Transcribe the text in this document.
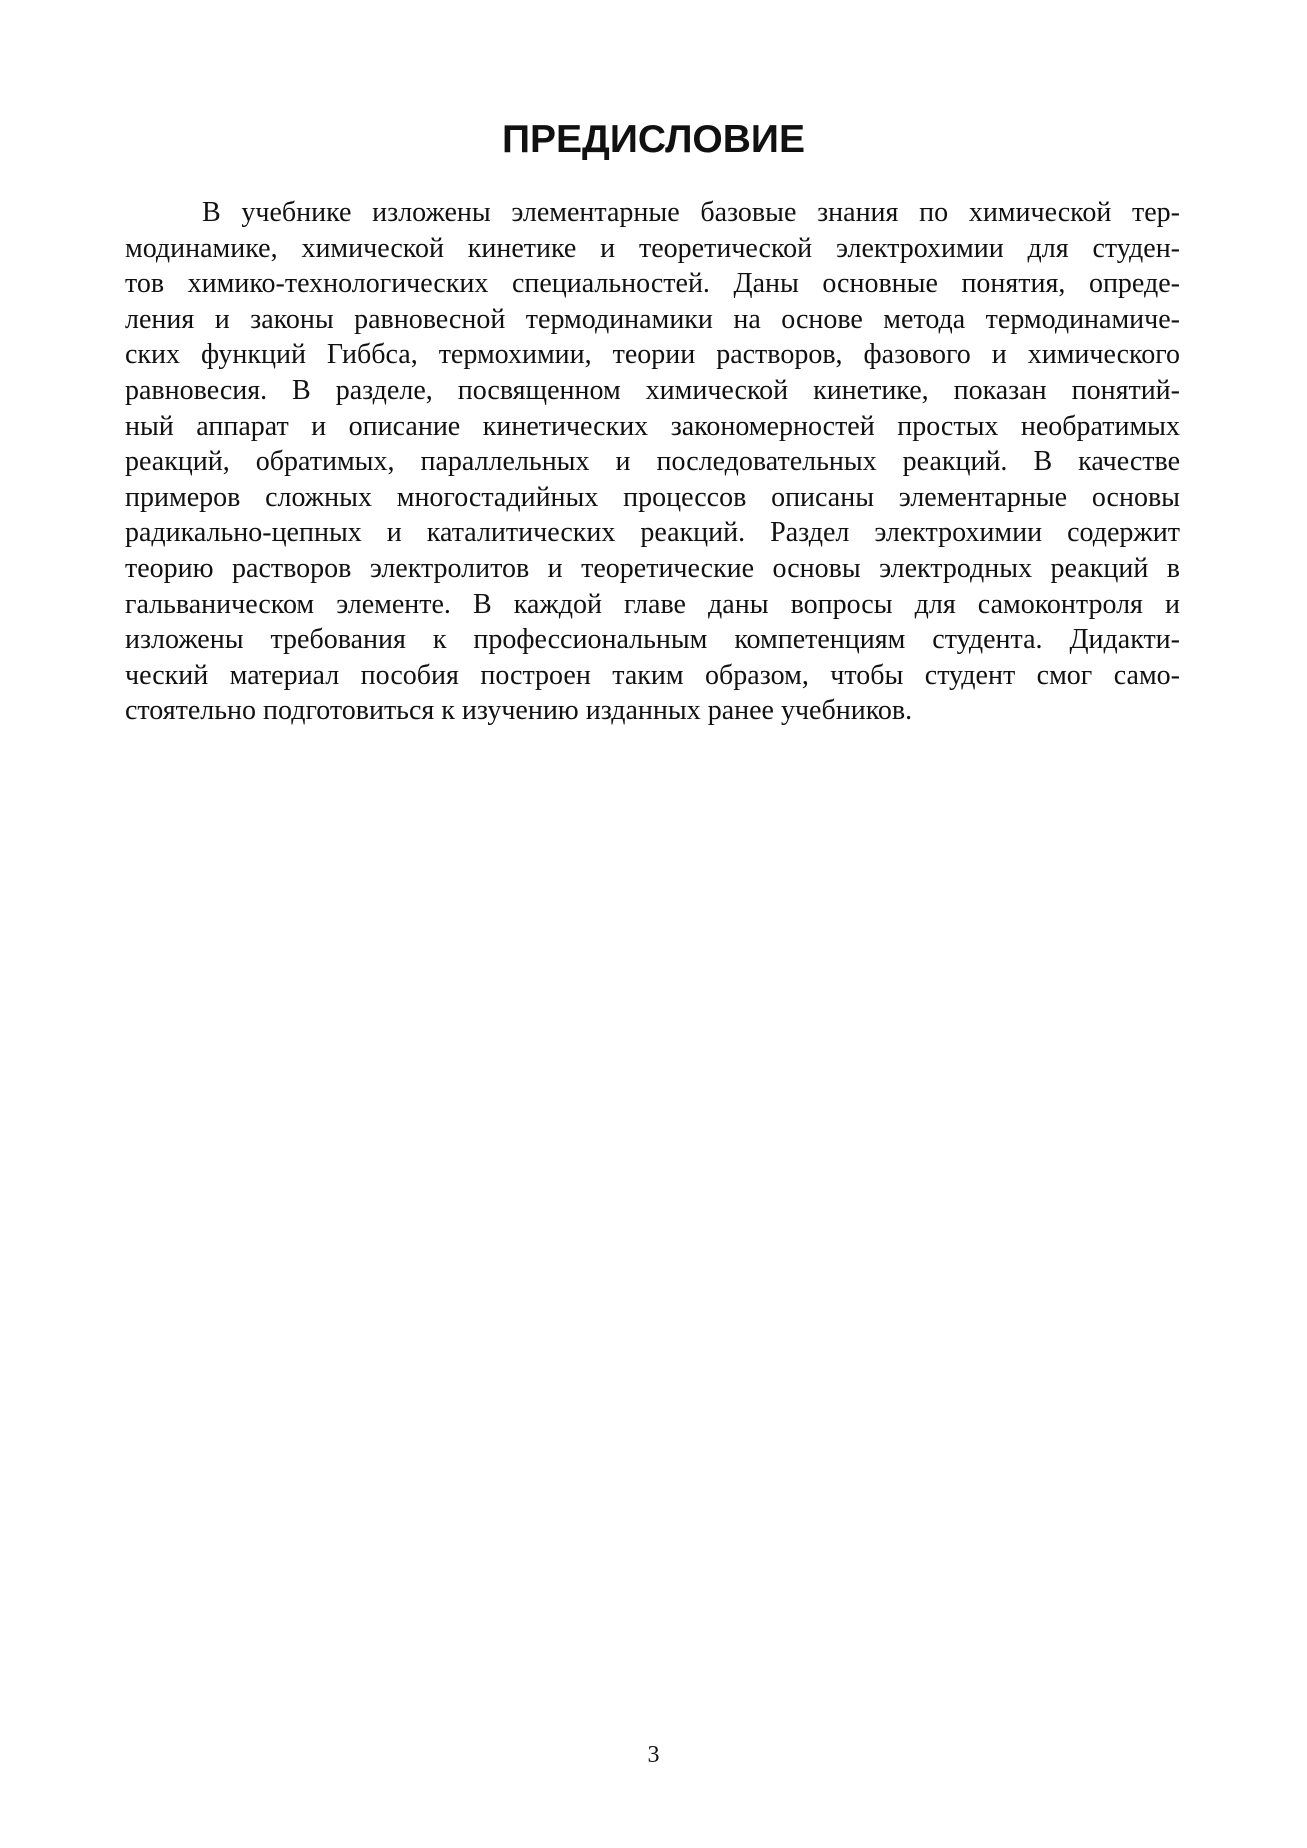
ПРЕДИСЛОВИЕ
В учебнике изложены элементарные базовые знания по химической тер-
модинамике, химической кинетике и теоретической электрохимии для студен-
тов химико-технологических специальностей. Даны основные понятия, опреде-
ления и законы равновесной термодинамики на основе метода термодинамиче-
ских функций Гиббса, термохимии, теории растворов, фазового и химического
равновесия. В разделе, посвященном химической кинетике, показан понятий-
ный аппарат и описание кинетических закономерностей простых необратимых
реакций, обратимых, параллельных и последовательных реакций. В качестве
примеров сложных многостадийных процессов описаны элементарные основы
радикально-цепных и каталитических реакций. Раздел электрохимии содержит
теорию растворов электролитов и теоретические основы электродных реакций в
гальваническом элементе. В каждой главе даны вопросы для самоконтроля и
изложены требования к профессиональным компетенциям студента. Дидакти-
ческий материал пособия построен таким образом, чтобы студент смог само-
стоятельно подготовиться к изучению изданных ранее учебников.
3
